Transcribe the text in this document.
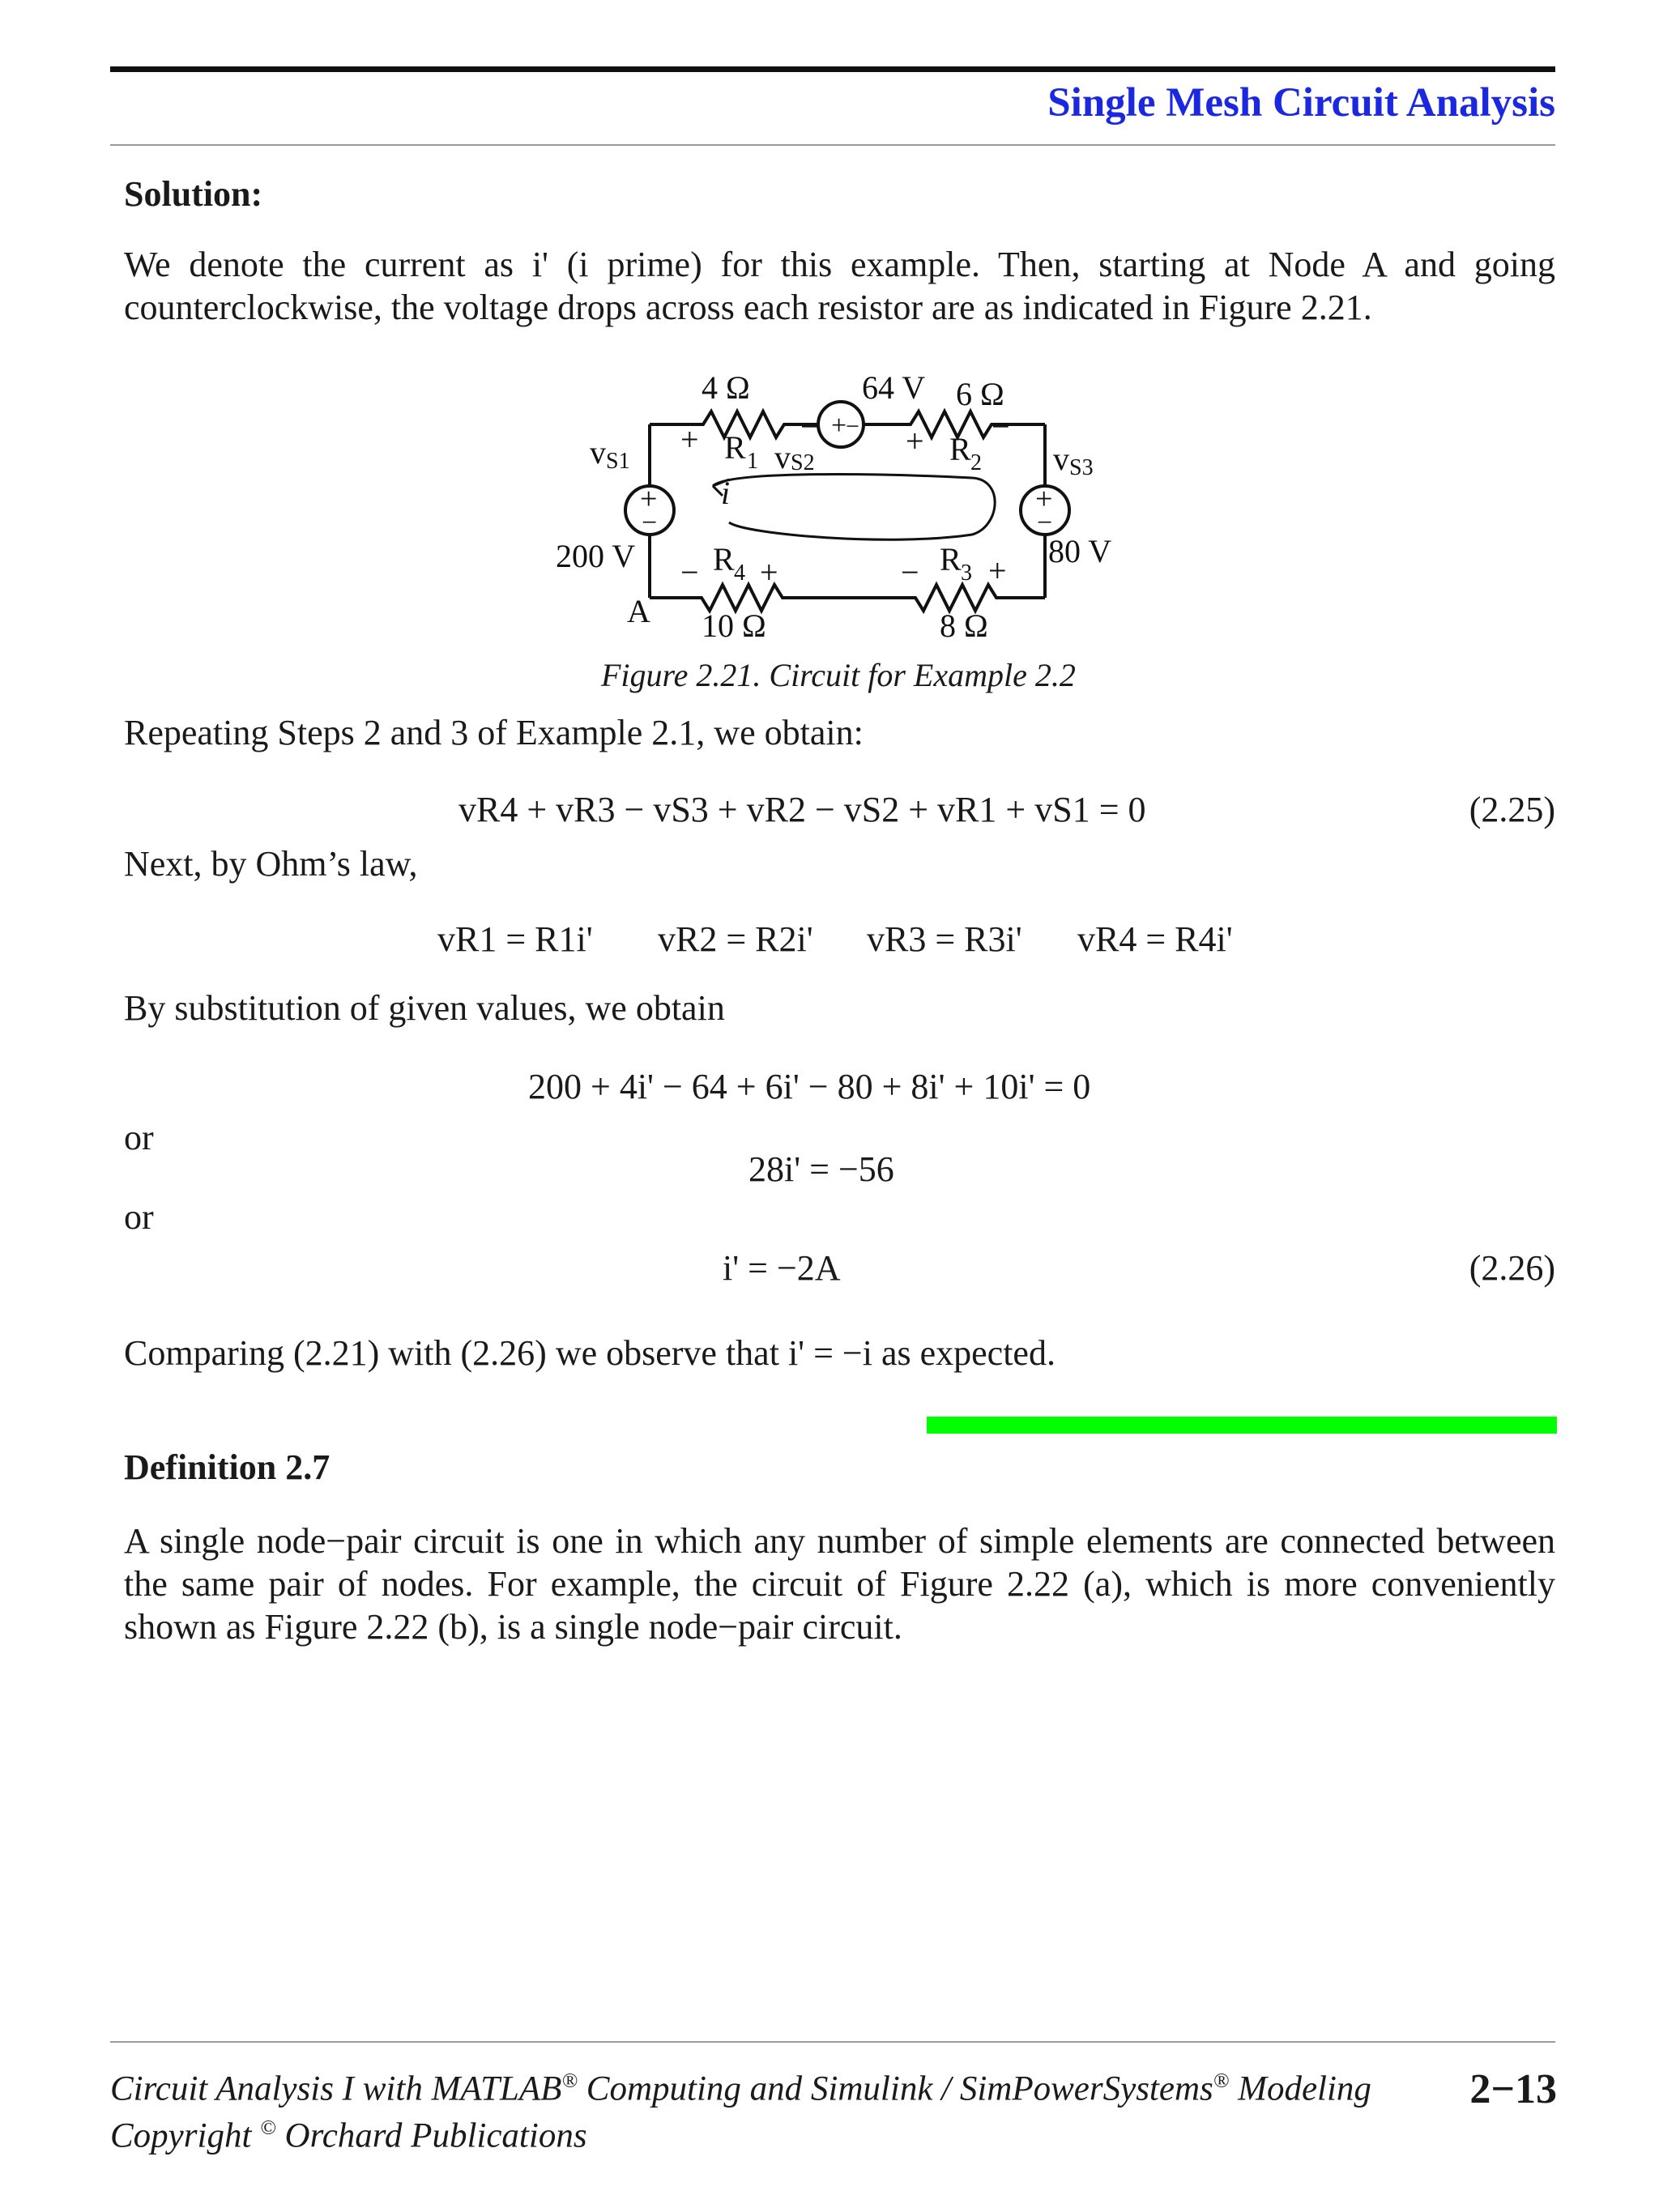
Single Mesh Circuit Analysis
Solution:
We denote the current as i' (i prime) for this example. Then, starting at Node A and going
counterclockwise, the voltage drops across each resistor are as indicated in Figure 2.21.
4 Ω	64 V 6 Ω
+	−
R 1
+
−
v S2
+ −
R 2
v S1
+
−
200 V
A
v S3
+
−
80 V
i
− R 4 +
10 Ω
− R 3 +
8 Ω
Figure 2.21. Circuit for Example 2.2
Repeating Steps 2 and 3 of Example 2.1, we obtain:
vR4 + vR3 − vS3 + vR2 − vS2 + vR1 + vS1 = 0	(2.25)
Next, by Ohm’s law,
vR1 = R1i' vR2 = R2i' vR3 = R3i' vR4 = R4i'
By substitution of given values, we obtain
200 + 4i' − 64 + 6i' − 80 + 8i' + 10i' = 0
or
28i' = −56
or
i' = −2A	(2.26)
Comparing (2.21) with (2.26) we observe that i' = −i as expected.
Definition 2.7
A single node−pair circuit is one in which any number of simple elements are connected between
the same pair of nodes. For example, the circuit of Figure 2.22 (a), which is more conveniently
shown as Figure 2.22 (b), is a single node−pair circuit.
Circuit Analysis I with MATLAB® Computing and Simulink / SimPowerSystems® Modeling 2−13
Copyright © Orchard Publications
